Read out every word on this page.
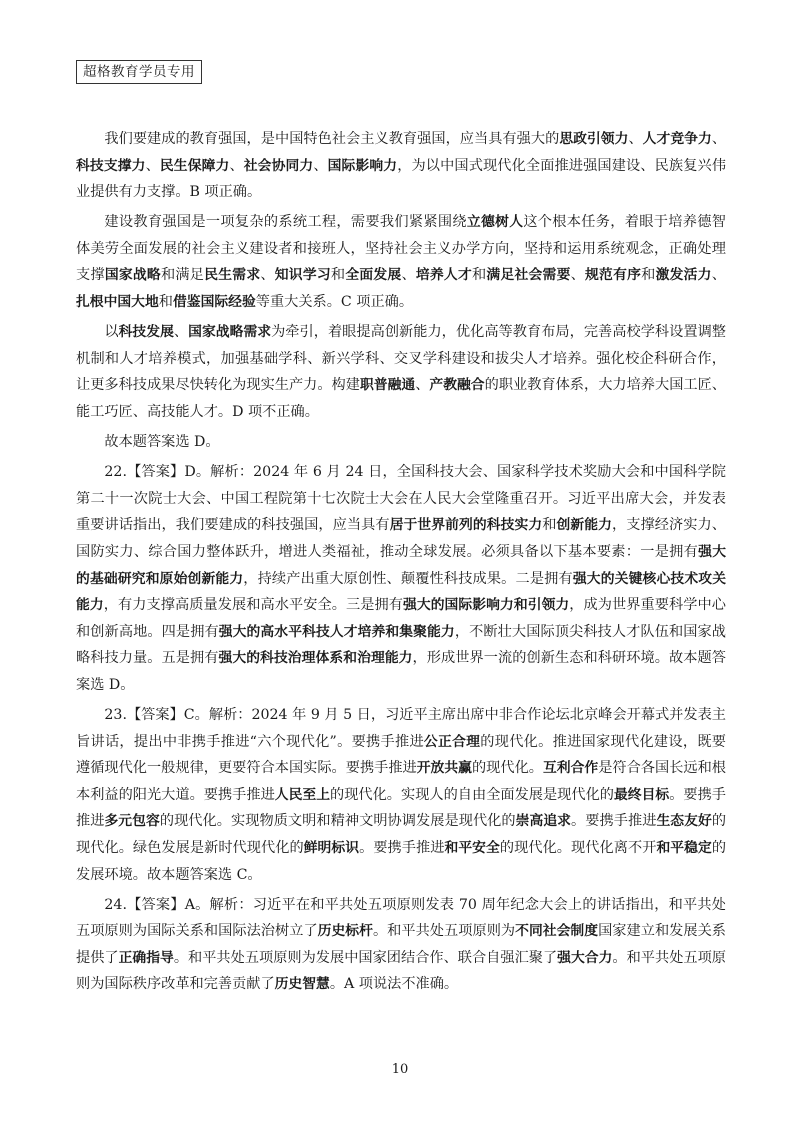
超格教育学员专用

我们要建成的教育强国，是中国特色社会主义教育强国，应当具有强大的思政引领力、人才竞争力、科技支撑力、民生保障力、社会协同力、国际影响力，为以中国式现代化全面推进强国建设、民族复兴伟业提供有力支撑。B 项正确。

建设教育强国是一项复杂的系统工程，需要我们紧紧围绕立德树人这个根本任务，着眼于培养德智体美劳全面发展的社会主义建设者和接班人，坚持社会主义办学方向，坚持和运用系统观念，正确处理支撑国家战略和满足民生需求、知识学习和全面发展、培养人才和满足社会需要、规范有序和激发活力、扎根中国大地和借鉴国际经验等重大关系。C 项正确。

以科技发展、国家战略需求为牵引，着眼提高创新能力，优化高等教育布局，完善高校学科设置调整机制和人才培养模式，加强基础学科、新兴学科、交叉学科建设和拔尖人才培养。强化校企科研合作，让更多科技成果尽快转化为现实生产力。构建职普融通、产教融合的职业教育体系，大力培养大国工匠、能工巧匠、高技能人才。D 项不正确。

故本题答案选 D。

22.【答案】D。解析：2024 年 6 月 24 日，全国科技大会、国家科学技术奖励大会和中国科学院第二十一次院士大会、中国工程院第十七次院士大会在人民大会堂隆重召开。习近平出席大会，并发表重要讲话指出，我们要建成的科技强国，应当具有居于世界前列的科技实力和创新能力，支撑经济实力、国防实力、综合国力整体跃升，增进人类福祉，推动全球发展。必须具备以下基本要素：一是拥有强大的基础研究和原始创新能力，持续产出重大原创性、颠覆性科技成果。二是拥有强大的关键核心技术攻关能力，有力支撑高质量发展和高水平安全。三是拥有强大的国际影响力和引领力，成为世界重要科学中心和创新高地。四是拥有强大的高水平科技人才培养和集聚能力，不断壮大国际顶尖科技人才队伍和国家战略科技力量。五是拥有强大的科技治理体系和治理能力，形成世界一流的创新生态和科研环境。故本题答案选 D。

23.【答案】C。解析：2024 年 9 月 5 日，习近平主席出席中非合作论坛北京峰会开幕式并发表主旨讲话，提出中非携手推进“六个现代化”。要携手推进公正合理的现代化。推进国家现代化建设，既要遵循现代化一般规律，更要符合本国实际。要携手推进开放共赢的现代化。互利合作是符合各国长远和根本利益的阳光大道。要携手推进人民至上的现代化。实现人的自由全面发展是现代化的最终目标。要携手推进多元包容的现代化。实现物质文明和精神文明协调发展是现代化的崇高追求。要携手推进生态友好的现代化。绿色发展是新时代现代化的鲜明标识。要携手推进和平安全的现代化。现代化离不开和平稳定的发展环境。故本题答案选 C。

24.【答案】A。解析：习近平在和平共处五项原则发表 70 周年纪念大会上的讲话指出，和平共处五项原则为国际关系和国际法治树立了历史标杆。和平共处五项原则为不同社会制度国家建立和发展关系提供了正确指导。和平共处五项原则为发展中国家团结合作、联合自强汇聚了强大合力。和平共处五项原则为国际秩序改革和完善贡献了历史智慧。A 项说法不准确。

10
